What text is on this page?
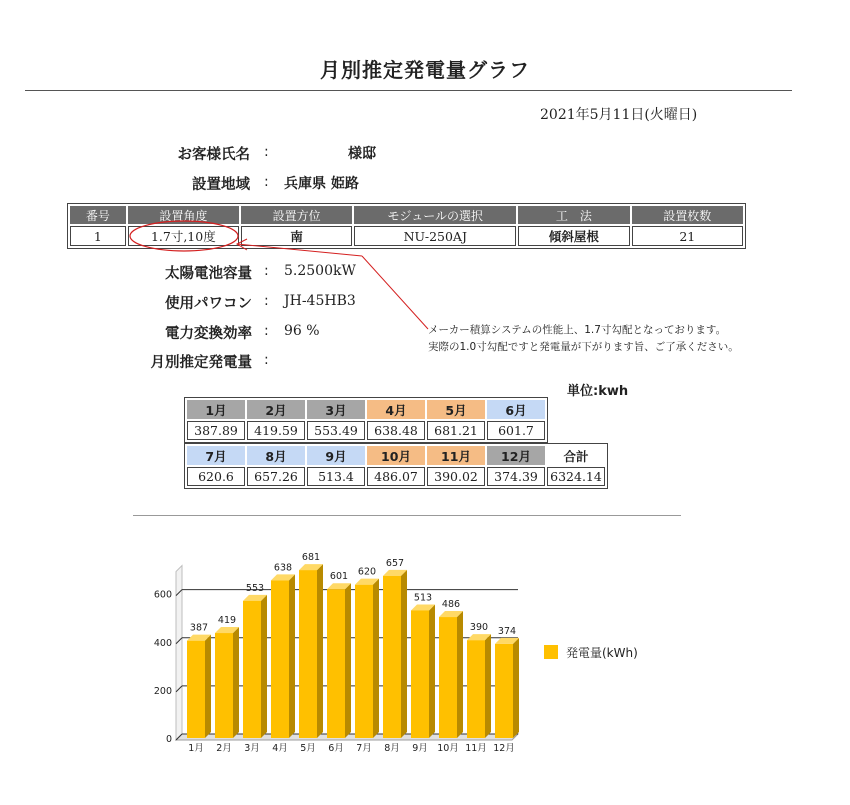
月別推定発電量グラフ
2021年5月11日(火曜日)
お客様氏名 :	様邸
設置地域 : 兵庫県 姫路
番号	設置角度	設置方位	モジュールの選択	工　法	設置枚数
1	1.7寸,10度	南	NU-250AJ	傾斜屋根	21
太陽電池容量 : 5.2500kW
使用パワコン : JH-45HB3
電力変換効率 : 96 %
月別推定発電量 :
メーカー積算システムの性能上、1.7寸勾配となっております。
実際の1.0寸勾配ですと発電量が下がります旨、ご了承ください。
単位:kwh
1月	2月	3月	4月	5月	6月
387.89	419.59	553.49	638.48	681.21	601.7
7月	8月	9月	10月	11月	12月	合計
620.6	657.26	513.4	486.07	390.02	374.39	6324.14
0
200
400
600
387
1月
419
2月
553
3月
638
4月
681
5月
601
6月
620
7月
657
8月
513
9月
486
10月
390
11月
374
12月
発電量(kWh)
